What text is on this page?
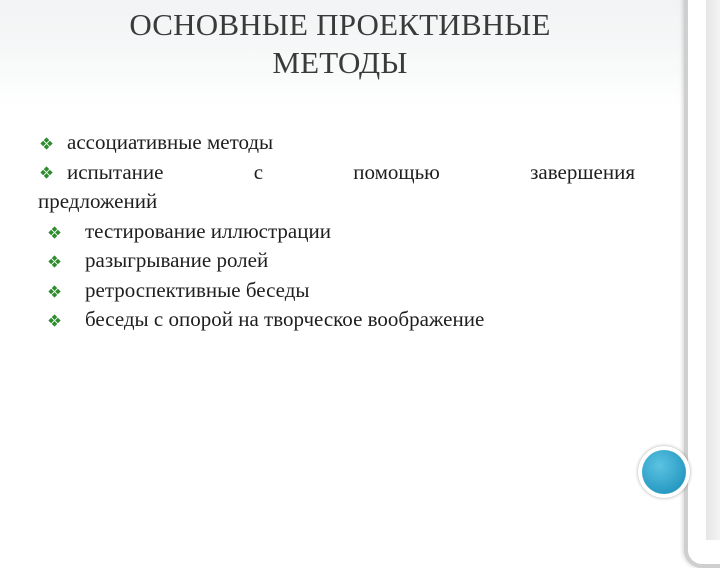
ОСНОВНЫЕ ПРОЕКТИВНЫЕ
МЕТОДЫ
ассоциативные методы
испытание	с	помощью	завершения
предложений
тестирование иллюстрации
разыгрывание ролей
ретроспективные беседы
беседы с опорой на творческое воображение
